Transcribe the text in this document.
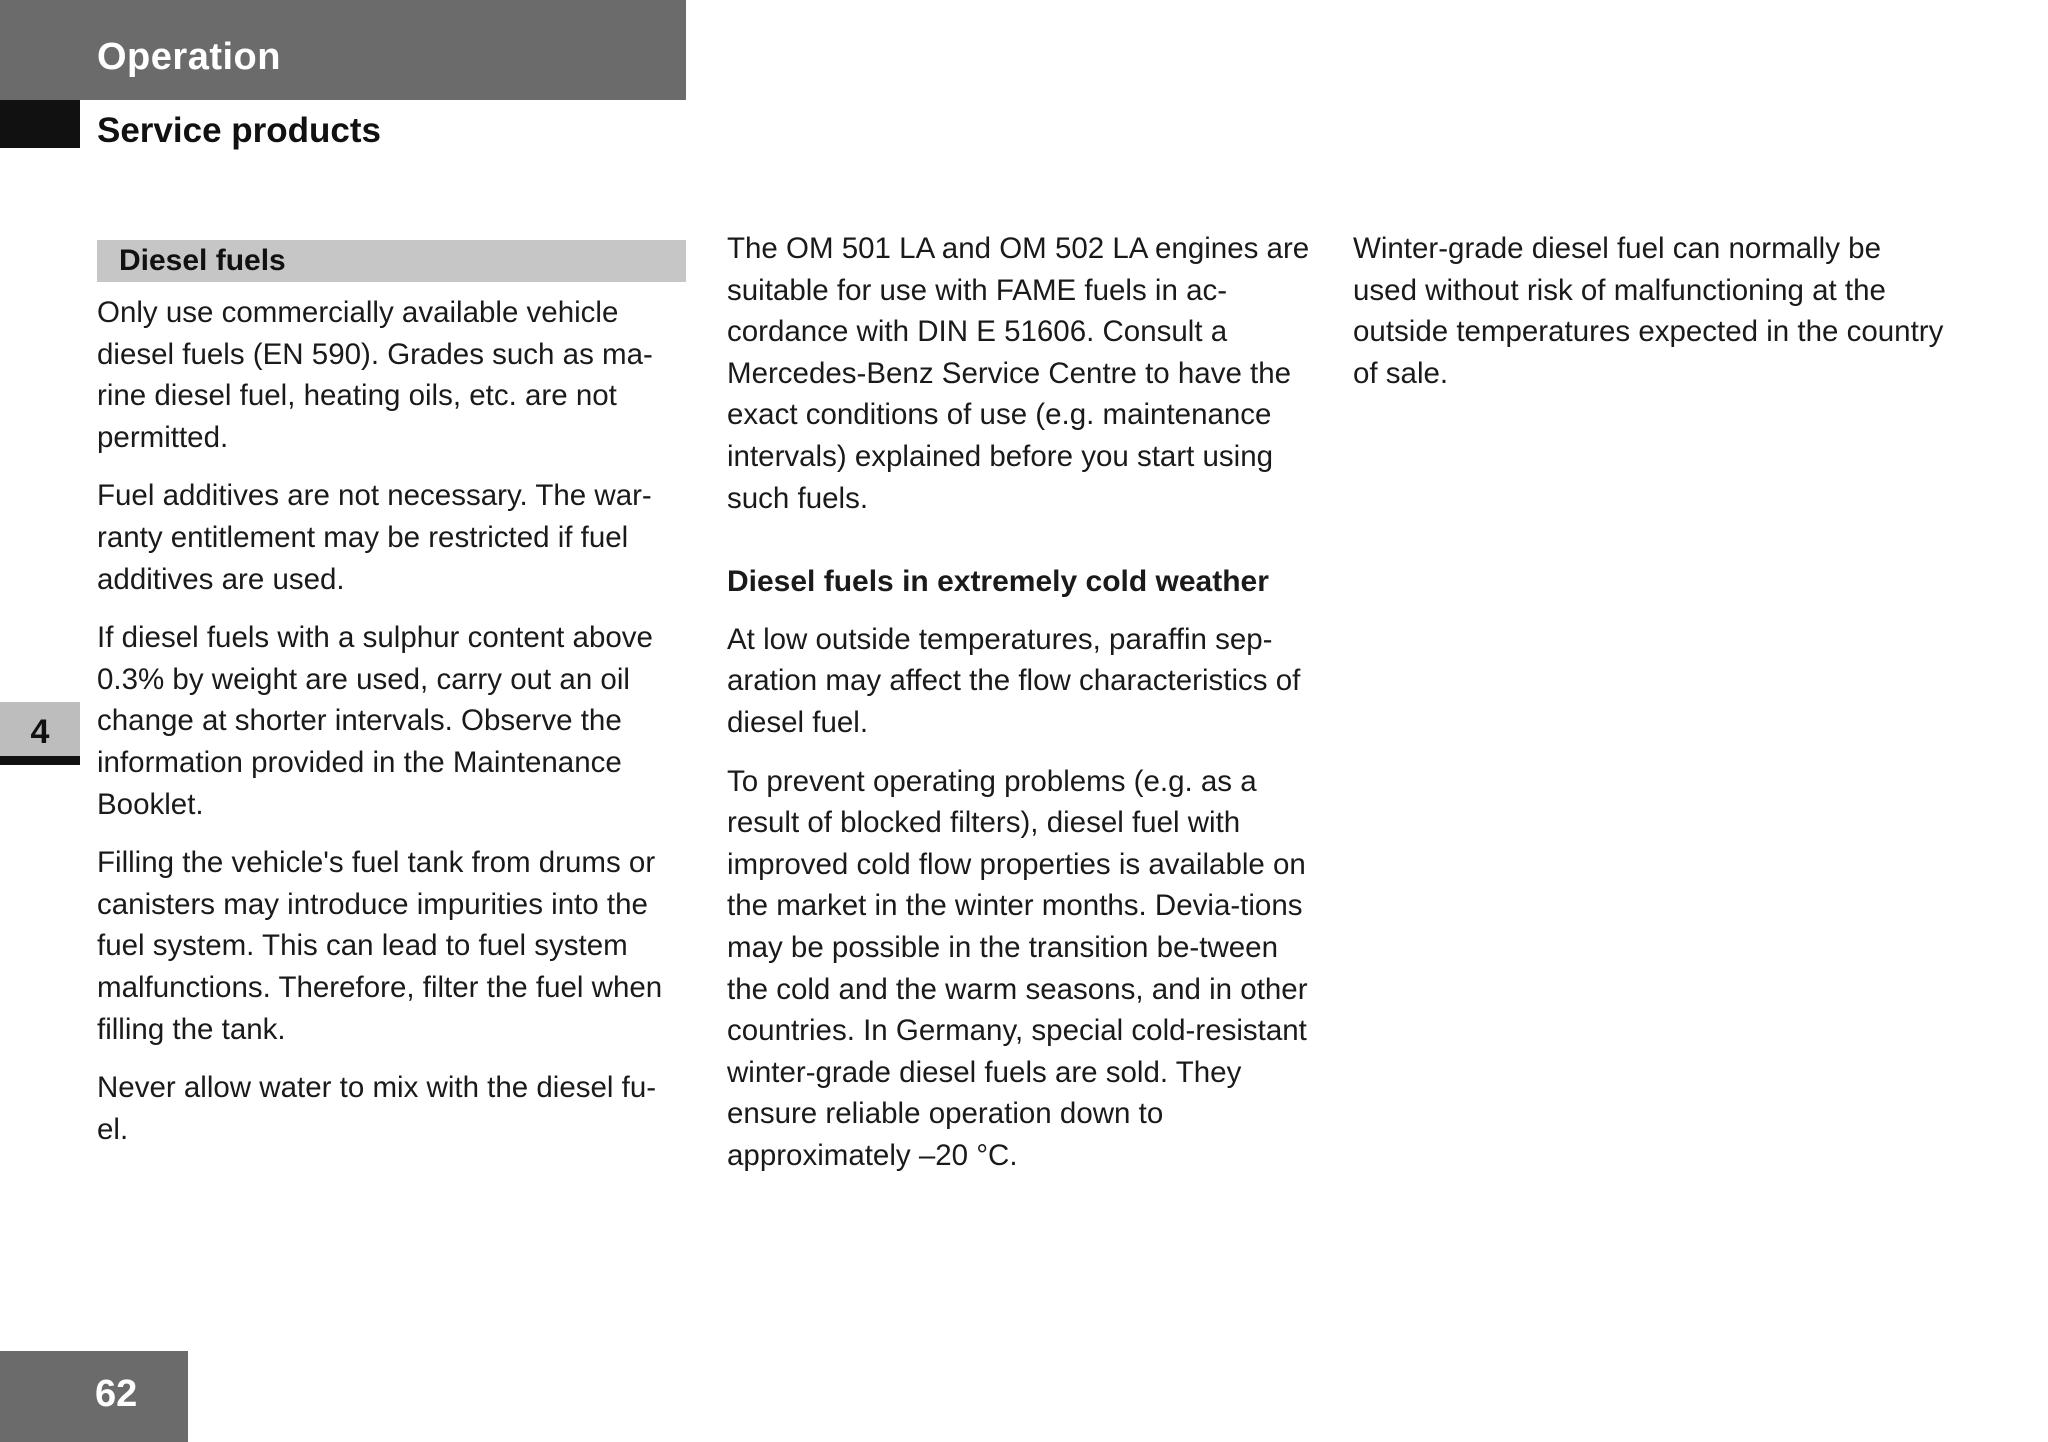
Operation
Service products
4
62
Diesel fuels

Only use commercially available vehicle diesel fuels (EN 590). Grades such as ma-rine diesel fuel, heating oils, etc. are not permitted.

Fuel additives are not necessary. The war-ranty entitlement may be restricted if fuel additives are used.

If diesel fuels with a sulphur content above 0.3% by weight are used, carry out an oil change at shorter intervals. Observe the information provided in the Maintenance Booklet.

Filling the vehicle's fuel tank from drums or canisters may introduce impurities into the fuel system. This can lead to fuel system malfunctions. Therefore, filter the fuel when filling the tank.

Never allow water to mix with the diesel fu-el.

The OM 501 LA and OM 502 LA engines are suitable for use with FAME fuels in ac-cordance with DIN E 51606. Consult a Mercedes-Benz Service Centre to have the exact conditions of use (e.g. maintenance intervals) explained before you start using such fuels.

Diesel fuels in extremely cold weather

At low outside temperatures, paraffin sep-aration may affect the flow characteristics of diesel fuel.

To prevent operating problems (e.g. as a result of blocked filters), diesel fuel with improved cold flow properties is available on the market in the winter months. Devia-tions may be possible in the transition be-tween the cold and the warm seasons, and in other countries. In Germany, special cold-resistant winter-grade diesel fuels are sold. They ensure reliable operation down to approximately –20 °C.

Winter-grade diesel fuel can normally be used without risk of malfunctioning at the outside temperatures expected in the country of sale.
